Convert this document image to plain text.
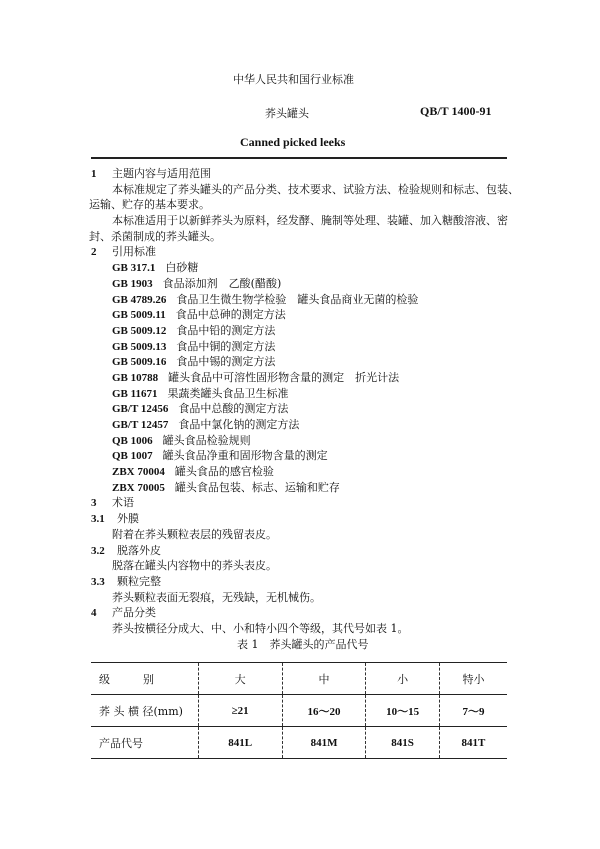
中华人民共和国行业标准
荞头罐头	QB/T 1400-91
Canned picked leeks
1 主题内容与适用范围
本标准规定了荞头罐头的产品分类、技术要求、试验方法、检验规则和标志、包装、
运输、贮存的基本要求。
本标准适用于以新鲜荞头为原料，经发酵、腌制等处理、装罐、加入糖酸溶液、密
封、杀菌制成的荞头罐头。
2 引用标准
GB 317.1 白砂糖
GB 1903 食品添加剂　乙酸(醋酸)
GB 4789.26 食品卫生微生物学检验　罐头食品商业无菌的检验
GB 5009.11 食品中总砷的测定方法
GB 5009.12 食品中铅的测定方法
GB 5009.13 食品中铜的测定方法
GB 5009.16 食品中锡的测定方法
GB 10788 罐头食品中可溶性固形物含量的测定　折光计法
GB 11671 果蔬类罐头食品卫生标准
GB/T 12456 食品中总酸的测定方法
GB/T 12457 食品中氯化钠的测定方法
QB 1006 罐头食品检验规则
QB 1007 罐头食品净重和固形物含量的测定
ZBX 70004 罐头食品的感官检验
ZBX 70005 罐头食品包装、标志、运输和贮存
3 术语
3.1 外膜
附着在荞头颗粒表层的残留表皮。
3.2 脱落外皮
脱落在罐头内容物中的荞头表皮。
3.3 颗粒完整
荞头颗粒表面无裂痕，无残缺，无机械伤。
4 产品分类
荞头按横径分成大、中、小和特小四个等级，其代号如表 1。
表 1　荞头罐头的产品代号
级　　　别	大	中	小	特小
荞 头 横 径(mm)	≥21	16～20	10～15	7～9
产品代号	841L	841M	841S	841T
